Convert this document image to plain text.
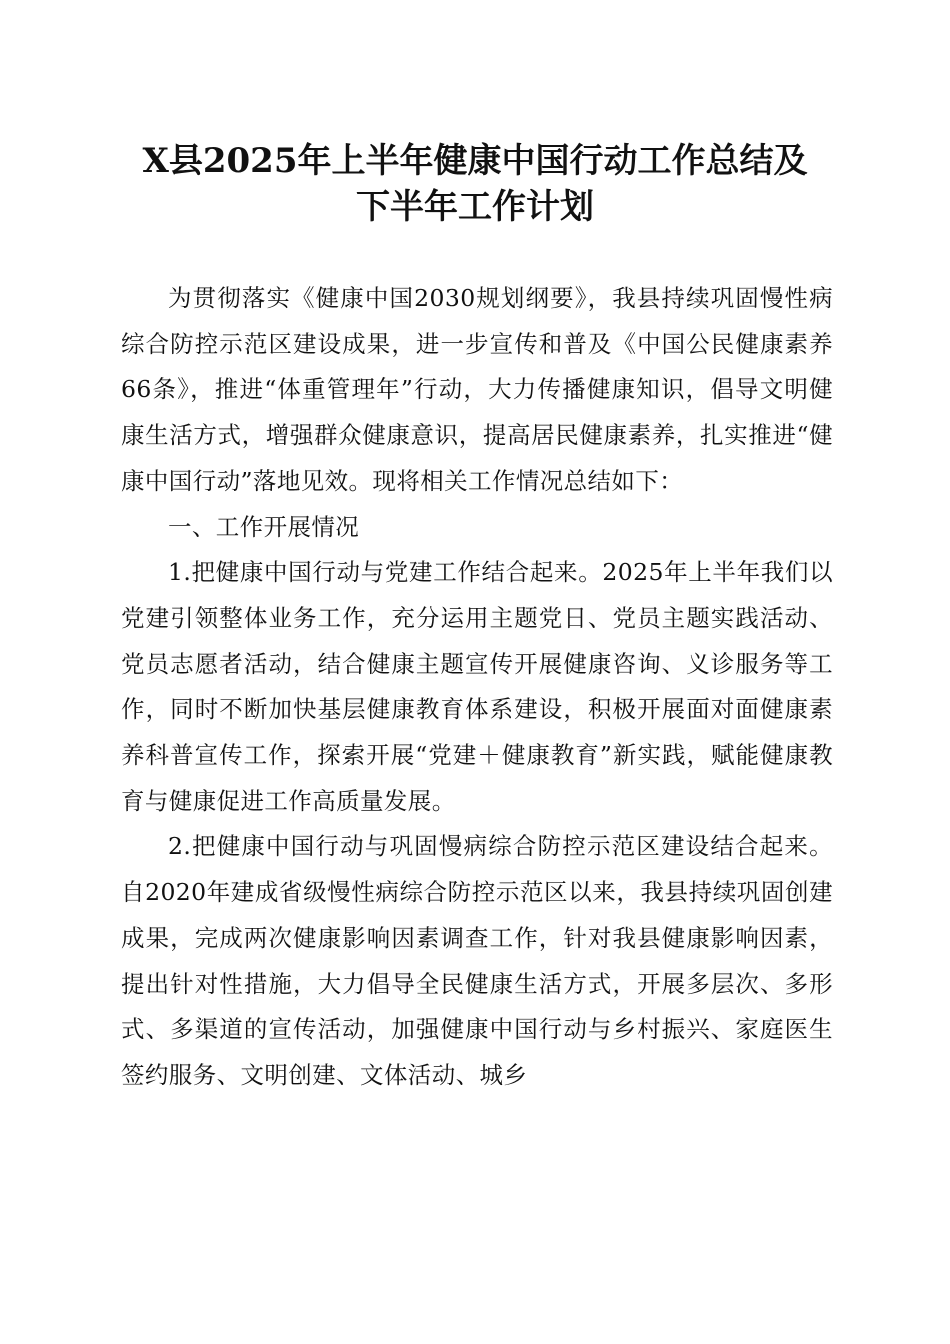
X县2025年上半年健康中国行动工作总结及
下半年工作计划

为贯彻落实《健康中国2030规划纲要》，我县持续巩固慢性病综合防控示范区建设成果，进一步宣传和普及《中国公民健康素养66条》，推进“体重管理年”行动，大力传播健康知识，倡导文明健康生活方式，增强群众健康意识，提高居民健康素养，扎实推进“健康中国行动”落地见效。现将相关工作情况总结如下：

一、工作开展情况

1.把健康中国行动与党建工作结合起来。2025年上半年我们以党建引领整体业务工作，充分运用主题党日、党员主题实践活动、党员志愿者活动，结合健康主题宣传开展健康咨询、义诊服务等工作，同时不断加快基层健康教育体系建设，积极开展面对面健康素养科普宣传工作，探索开展“党建＋健康教育”新实践，赋能健康教育与健康促进工作高质量发展。

2.把健康中国行动与巩固慢病综合防控示范区建设结合起来。自2020年建成省级慢性病综合防控示范区以来，我县持续巩固创建成果，完成两次健康影响因素调查工作，针对我县健康影响因素，提出针对性措施，大力倡导全民健康生活方式，开展多层次、多形式、多渠道的宣传活动，加强健康中国行动与乡村振兴、家庭医生签约服务、文明创建、文体活动、城乡
